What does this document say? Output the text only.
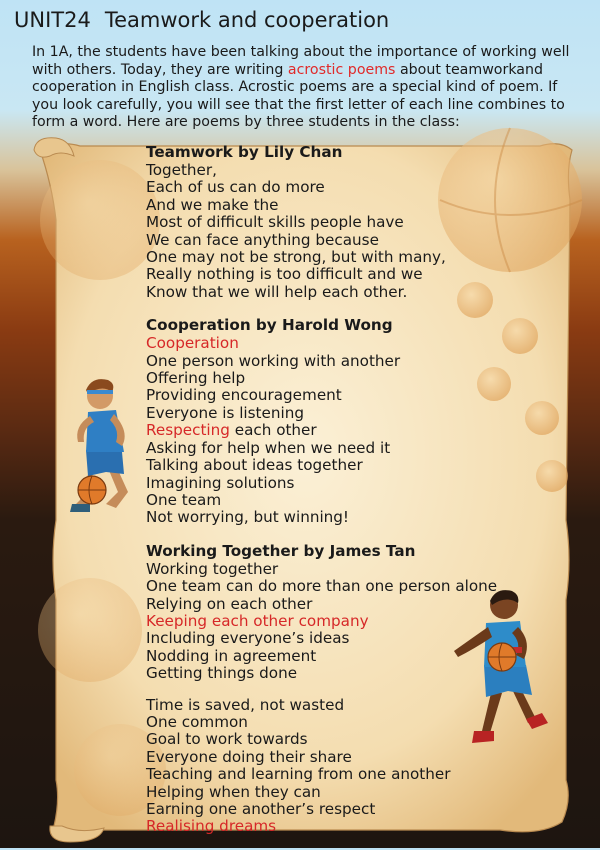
UNIT24 Teamwork and cooperation
In 1A, the students have been talking about the importance of working well with others. Today, they are writing acrostic poems about teamworkand cooperation in English class. Acrostic poems are a special kind of poem. If you look carefully, you will see that the first letter of each line combines to form a word. Here are poems by three students in the class:
Teamwork by Lily Chan
Together,
Each of us can do more
And we make the
Most of difficult skills people have
We can face anything because
One may not be strong, but with many,
Really nothing is too difficult and we
Know that we will help each other.
Cooperation by Harold Wong
Cooperation
One person working with another
Offering help
Providing encouragement
Everyone is listening
Respecting each other
Asking for help when we need it
Talking about ideas together
Imagining solutions
One team
Not worrying, but winning!
Working Together by James Tan
Working together
One team can do more than one person alone
Relying on each other
Keeping each other company
Including everyone’s ideas
Nodding in agreement
Getting things done
Time is saved, not wasted
One common
Goal to work towards
Everyone doing their share
Teaching and learning from one another
Helping when they can
Earning one another’s respect
Realising dreams
